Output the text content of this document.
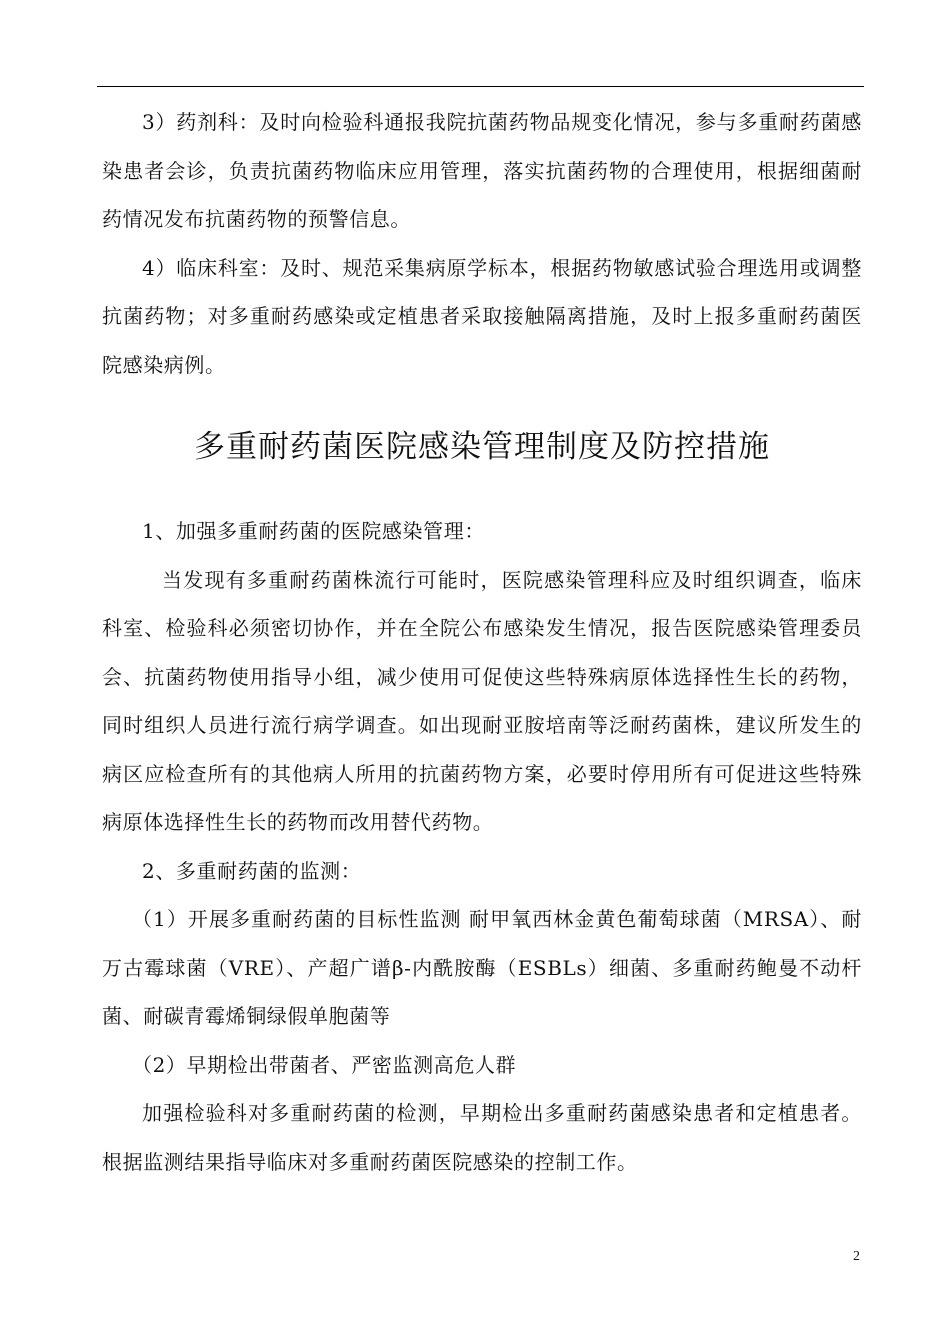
3）药剂科：及时向检验科通报我院抗菌药物品规变化情况，参与多重耐药菌感染患者会诊，负责抗菌药物临床应用管理，落实抗菌药物的合理使用，根据细菌耐药情况发布抗菌药物的预警信息。

4）临床科室：及时、规范采集病原学标本，根据药物敏感试验合理选用或调整抗菌药物；对多重耐药感染或定植患者采取接触隔离措施，及时上报多重耐药菌医院感染病例。

多重耐药菌医院感染管理制度及防控措施

1、加强多重耐药菌的医院感染管理：

当发现有多重耐药菌株流行可能时，医院感染管理科应及时组织调查，临床科室、检验科必须密切协作，并在全院公布感染发生情况，报告医院感染管理委员会、抗菌药物使用指导小组，减少使用可促使这些特殊病原体选择性生长的药物，同时组织人员进行流行病学调查。如出现耐亚胺培南等泛耐药菌株，建议所发生的病区应检查所有的其他病人所用的抗菌药物方案，必要时停用所有可促进这些特殊病原体选择性生长的药物而改用替代药物。

2、多重耐药菌的监测：

（1）开展多重耐药菌的目标性监测 耐甲氧西林金黄色葡萄球菌（MRSA）、耐万古霉球菌（VRE）、产超广谱β-内酰胺酶（ESBLs）细菌、多重耐药鲍曼不动杆菌、耐碳青霉烯铜绿假单胞菌等

（2）早期检出带菌者、严密监测高危人群

加强检验科对多重耐药菌的检测，早期检出多重耐药菌感染患者和定植患者。根据监测结果指导临床对多重耐药菌医院感染的控制工作。

2
